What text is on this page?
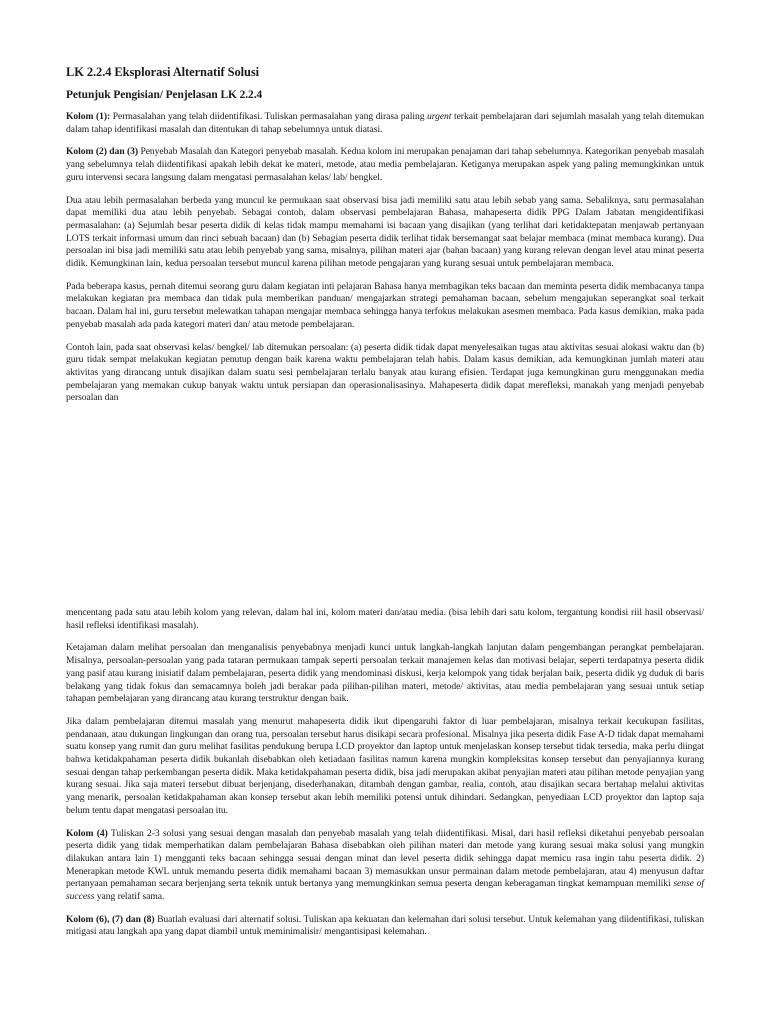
LK 2.2.4 Eksplorasi Alternatif Solusi
Petunjuk Pengisian/ Penjelasan LK 2.2.4

Kolom (1): Permasalahan yang telah diidentifikasi. Tuliskan permasalahan yang dirasa paling urgent terkait pembelajaran dari sejumlah masalah yang telah ditemukan dalam tahap identifikasi masalah dan ditentukan di tahap sebelumnya untuk diatasi.

Kolom (2) dan (3) Penyebab Masalah dan Kategori penyebab masalah. Kedua kolom ini merupakan penajaman dari tahap sebelumnya. Kategorikan penyebab masalah yang sebelumnya telah diidentifikasi apakah lebih dekat ke materi, metode, atau media pembelajaran. Ketiganya merupakan aspek yang paling memungkinkan untuk guru intervensi secara langsung dalam mengatasi permasalahan kelas/ lab/ bengkel.

Dua atau lebih permasalahan berbeda yang muncul ke permukaan saat observasi bisa jadi memiliki satu atau lebih sebab yang sama. Sebaliknya, satu permasalahan dapat memiliki dua atau lebih penyebab. Sebagai contoh, dalam observasi pembelajaran Bahasa, mahapeserta didik PPG Dalam Jabatan mengidentifikasi permasalahan: (a) Sejumlah besar peserta didik di kelas tidak mampu memahami isi bacaan yang disajikan (yang terlihat dari ketidaktepatan menjawab pertanyaan LOTS terkait informasi umum dan rinci sebuah bacaan) dan (b) Sebagian peserta didik terlihat tidak bersemangat saat belajar membaca (minat membaca kurang). Dua persoalan ini bisa jadi memiliki satu atau lebih penyebab yang sama, misalnya, pilihan materi ajar (bahan bacaan) yang kurang relevan dengan level atau minat peserta didik. Kemungkinan lain, kedua persoalan tersebut muncul karena pilihan metode pengajaran yang kurang sesuai untuk pembelajaran membaca.

Pada beberapa kasus, pernah ditemui seorang guru dalam kegiatan inti pelajaran Bahasa hanya membagikan teks bacaan dan meminta peserta didik membacanya tanpa melakukan kegiatan pra membaca dan tidak pula memberikan panduan/ mengajarkan strategi pemahaman bacaan, sebelum mengajukan seperangkat soal terkait bacaan. Dalam hal ini, guru tersebut melewatkan tahapan mengajar membaca sehingga hanya terfokus melakukan asesmen membaca. Pada kasus demikian, maka pada penyebab masalah ada pada kategori materi dan/ atau metode pembelajaran.

Contoh lain, pada saat observasi kelas/ bengkel/ lab ditemukan persoalan: (a) peserta didik tidak dapat menyelesaikan tugas atau aktivitas sesuai alokasi waktu dan (b) guru tidak sempat melakukan kegiatan penutup dengan baik karena waktu pembelajaran telah habis. Dalam kasus demikian, ada kemungkinan jumlah materi atau aktivitas yang dirancang untuk disajikan dalam suatu sesi pembelajaran terlalu banyak atau kurang efisien. Terdapat juga kemungkinan guru menggunakan media pembelajaran yang memakan cukup banyak waktu untuk persiapan dan operasionalisasinya. Mahapeserta didik dapat merefleksi, manakah yang menjadi penyebab persoalan dan

mencentang pada satu atau lebih kolom yang relevan, dalam hal ini, kolom materi dan/atau media. (bisa lebih dari satu kolom, tergantung kondisi riil hasil observasi/ hasil refleksi identifikasi masalah).

Ketajaman dalam melihat persoalan dan menganalisis penyebabnya menjadi kunci untuk langkah-langkah lanjutan dalam pengembangan perangkat pembelajaran. Misalnya, persoalan-persoalan yang pada tataran permukaan tampak seperti persoalan terkait manajemen kelas dan motivasi belajar, seperti terdapatnya peserta didik yang pasif atau kurang inisiatif dalam pembelajaran, peserta didik yang mendominasi diskusi, kerja kelompok yang tidak berjalan baik, peserta didik yg duduk di baris belakang yang tidak fokus dan semacamnya boleh jadi berakar pada pilihan-pilihan materi, metode/ aktivitas, atau media pembelajaran yang sesuai untuk setiap tahapan pembelajaran yang dirancang atau kurang terstruktur dengan baik.

Jika dalam pembelajaran ditemui masalah yang menurut mahapeserta didik ikut dipengaruhi faktor di luar pembelajaran, misalnya terkait kecukupan fasilitas, pendanaan, atau dukungan lingkungan dan orang tua, persoalan tersebut harus disikapi secara profesional. Misalnya jika peserta didik Fase A-D tidak dapat memahami suatu konsep yang rumit dan guru melihat fasilitas pendukung berupa LCD proyektor dan laptop untuk menjelaskan konsep tersebut tidak tersedia, maka perlu diingat bahwa ketidakpahaman peserta didik bukanlah disebabkan oleh ketiadaan fasilitas namun karena mungkin kompleksitas konsep tersebut dan penyajiannya kurang sesuai dengan tahap perkembangan peserta didik. Maka ketidakpahaman peserta didik, bisa jadi merupakan akibat penyajian materi atau pilihan metode penyajian yang kurang sesuai. Jika saja materi tersebut dibuat berjenjang, disederhanakan, ditambah dengan gambar, realia, contoh, atau disajikan secara bertahap melalui aktivitas yang menarik, persoalan ketidakpahaman akan konsep tersebut akan lebih memiliki potensi untuk dihindari. Sedangkan, penyediaan LCD proyektor dan laptop saja belum tentu dapat mengatasi persoalan itu.

Kolom (4) Tuliskan 2-3 solusi yang sesuai dengan masalah dan penyebab masalah yang telah diidentifikasi. Misal, dari hasil refleksi diketahui penyebab persoalan peserta didik yang tidak memperhatikan dalam pembelajaran Bahasa disebabkan oleh pilihan materi dan metode yang kurang sesuai maka solusi yang mungkin dilakukan antara lain 1) mengganti teks bacaan sehingga sesuai dengan minat dan level peserta didik sehingga dapat memicu rasa ingin tahu peserta didik. 2) Menerapkan metode KWL untuk memandu peserta didik memahami bacaan 3) memasukkan unsur permainan dalam metode pembelajaran, atau 4) menyusun daftar pertanyaan pemahaman secara berjenjang serta teknik untuk bertanya yang memungkinkan semua peserta dengan keberagaman tingkat kemampuan memiliki sense of success yang relatif sama.

Kolom (6), (7) dan (8) Buatlah evaluasi dari alternatif solusi. Tuliskan apa kekuatan dan kelemahan dari solusi tersebut. Untuk kelemahan yang diidentifikasi, tuliskan mitigasi atau langkah apa yang dapat diambil untuk meminimalisir/ mengantisipasi kelemahan.
